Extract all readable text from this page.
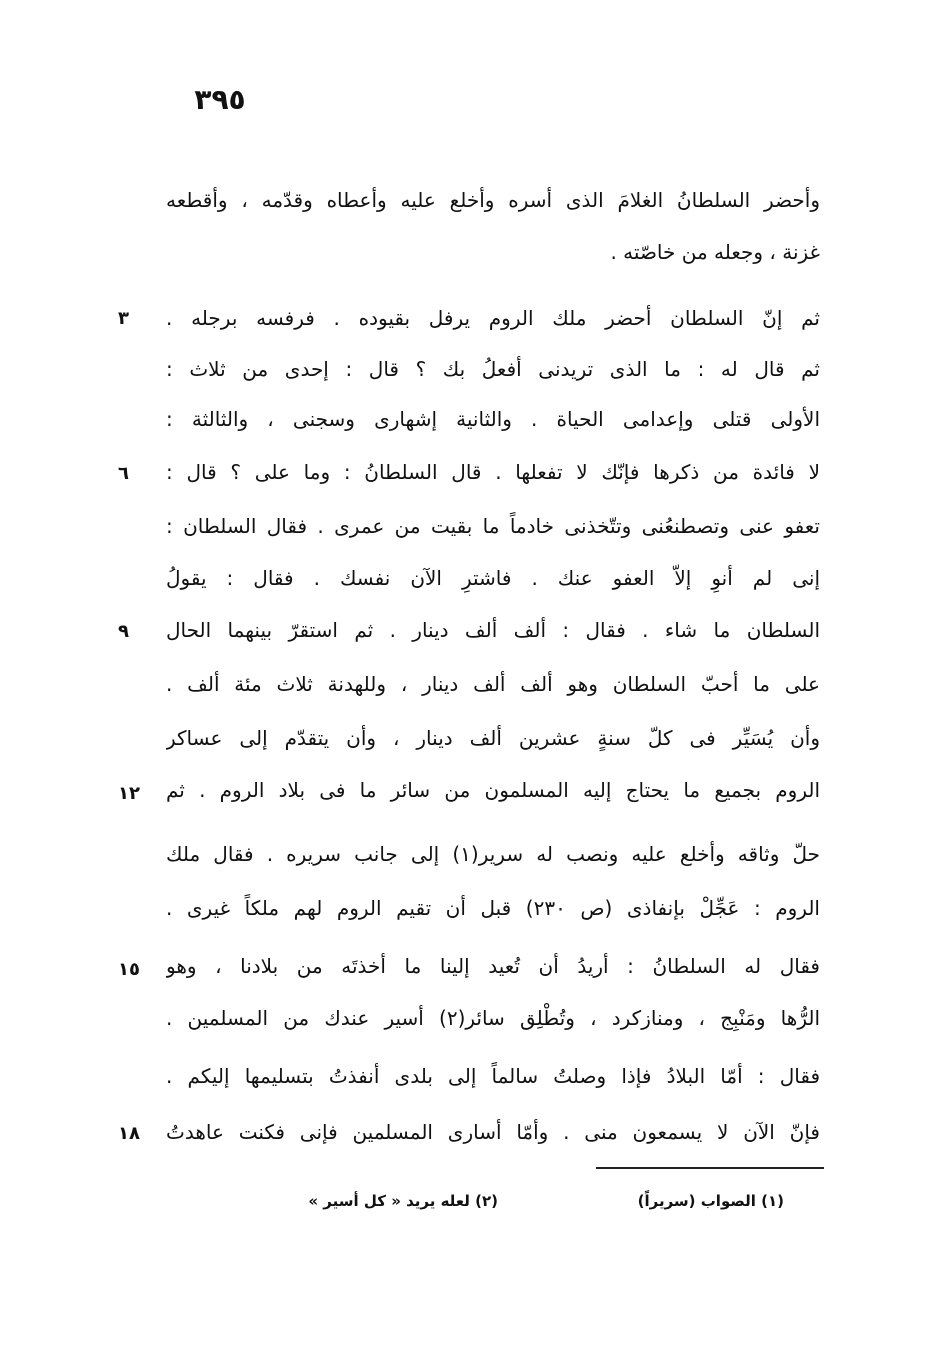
٣٩٥
وأحضر السلطانُ الغلامَ الذى أسره وأخلع عليه وأعطاه وقدّمه ، وأقطعه
غزنة ، وجعله من خاصّته .
ثم إنّ السلطان أحضر ملك الروم يرفل بقيوده . فرفسه برجله .
ثم قال له : ما الذى تريدنى أفعلُ بك ؟ قال : إحدى من ثلاث :
الأولى قتلى وإعدامى الحياة . والثانية إشهارى وسجنى ، والثالثة :
لا فائدة من ذكرها فإنّك لا تفعلها . قال السلطانُ : وما على ؟ قال :
تعفو عنى وتصطنعُنى وتتّخذنى خادماً ما بقيت من عمرى . فقال السلطان :
إنى لم أنوِ إلاّ العفو عنك . فاشترِ الآن نفسك . فقال : يقولُ
السلطان ما شاء . فقال : ألف ألف دينار . ثم استقرّ بينهما الحال
على ما أحبّ السلطان وهو ألف ألف دينار ، وللهدنة ثلاث مئة ألف .
وأن يُسَيِّر فى كلّ سنةٍ عشرين ألف دينار ، وأن يتقدّم إلى عساكر
الروم بجميع ما يحتاج إليه المسلمون من سائر ما فى بلاد الروم . ثم
حلّ وثاقه وأخلع عليه ونصب له سرير(١) إلى جانب سريره . فقال ملك
الروم : عَجِّلْ بإنفاذى (ص ٢٣٠) قبل أن تقيم الروم لهم ملكاً غيرى .
فقال له السلطانُ : أريدُ أن تُعيد إلينا ما أخذتَه من بلادنا ، وهو
الرُّها ومَنْبِج ، ومنازكرد ، وتُطْلِق سائر(٢) أسير عندك من المسلمين .
فقال : أمّا البلادُ فإذا وصلتُ سالماً إلى بلدى أنفذتُ بتسليمها إليكم .
فإنّ الآن لا يسمعون منى . وأمّا أسارى المسلمين فإنى فكنت عاهدتُ
٣
٦
٩
١٢
١٥
١٨
(١) الصواب (سريراً)
(٢) لعله يريد « كل أسير »
